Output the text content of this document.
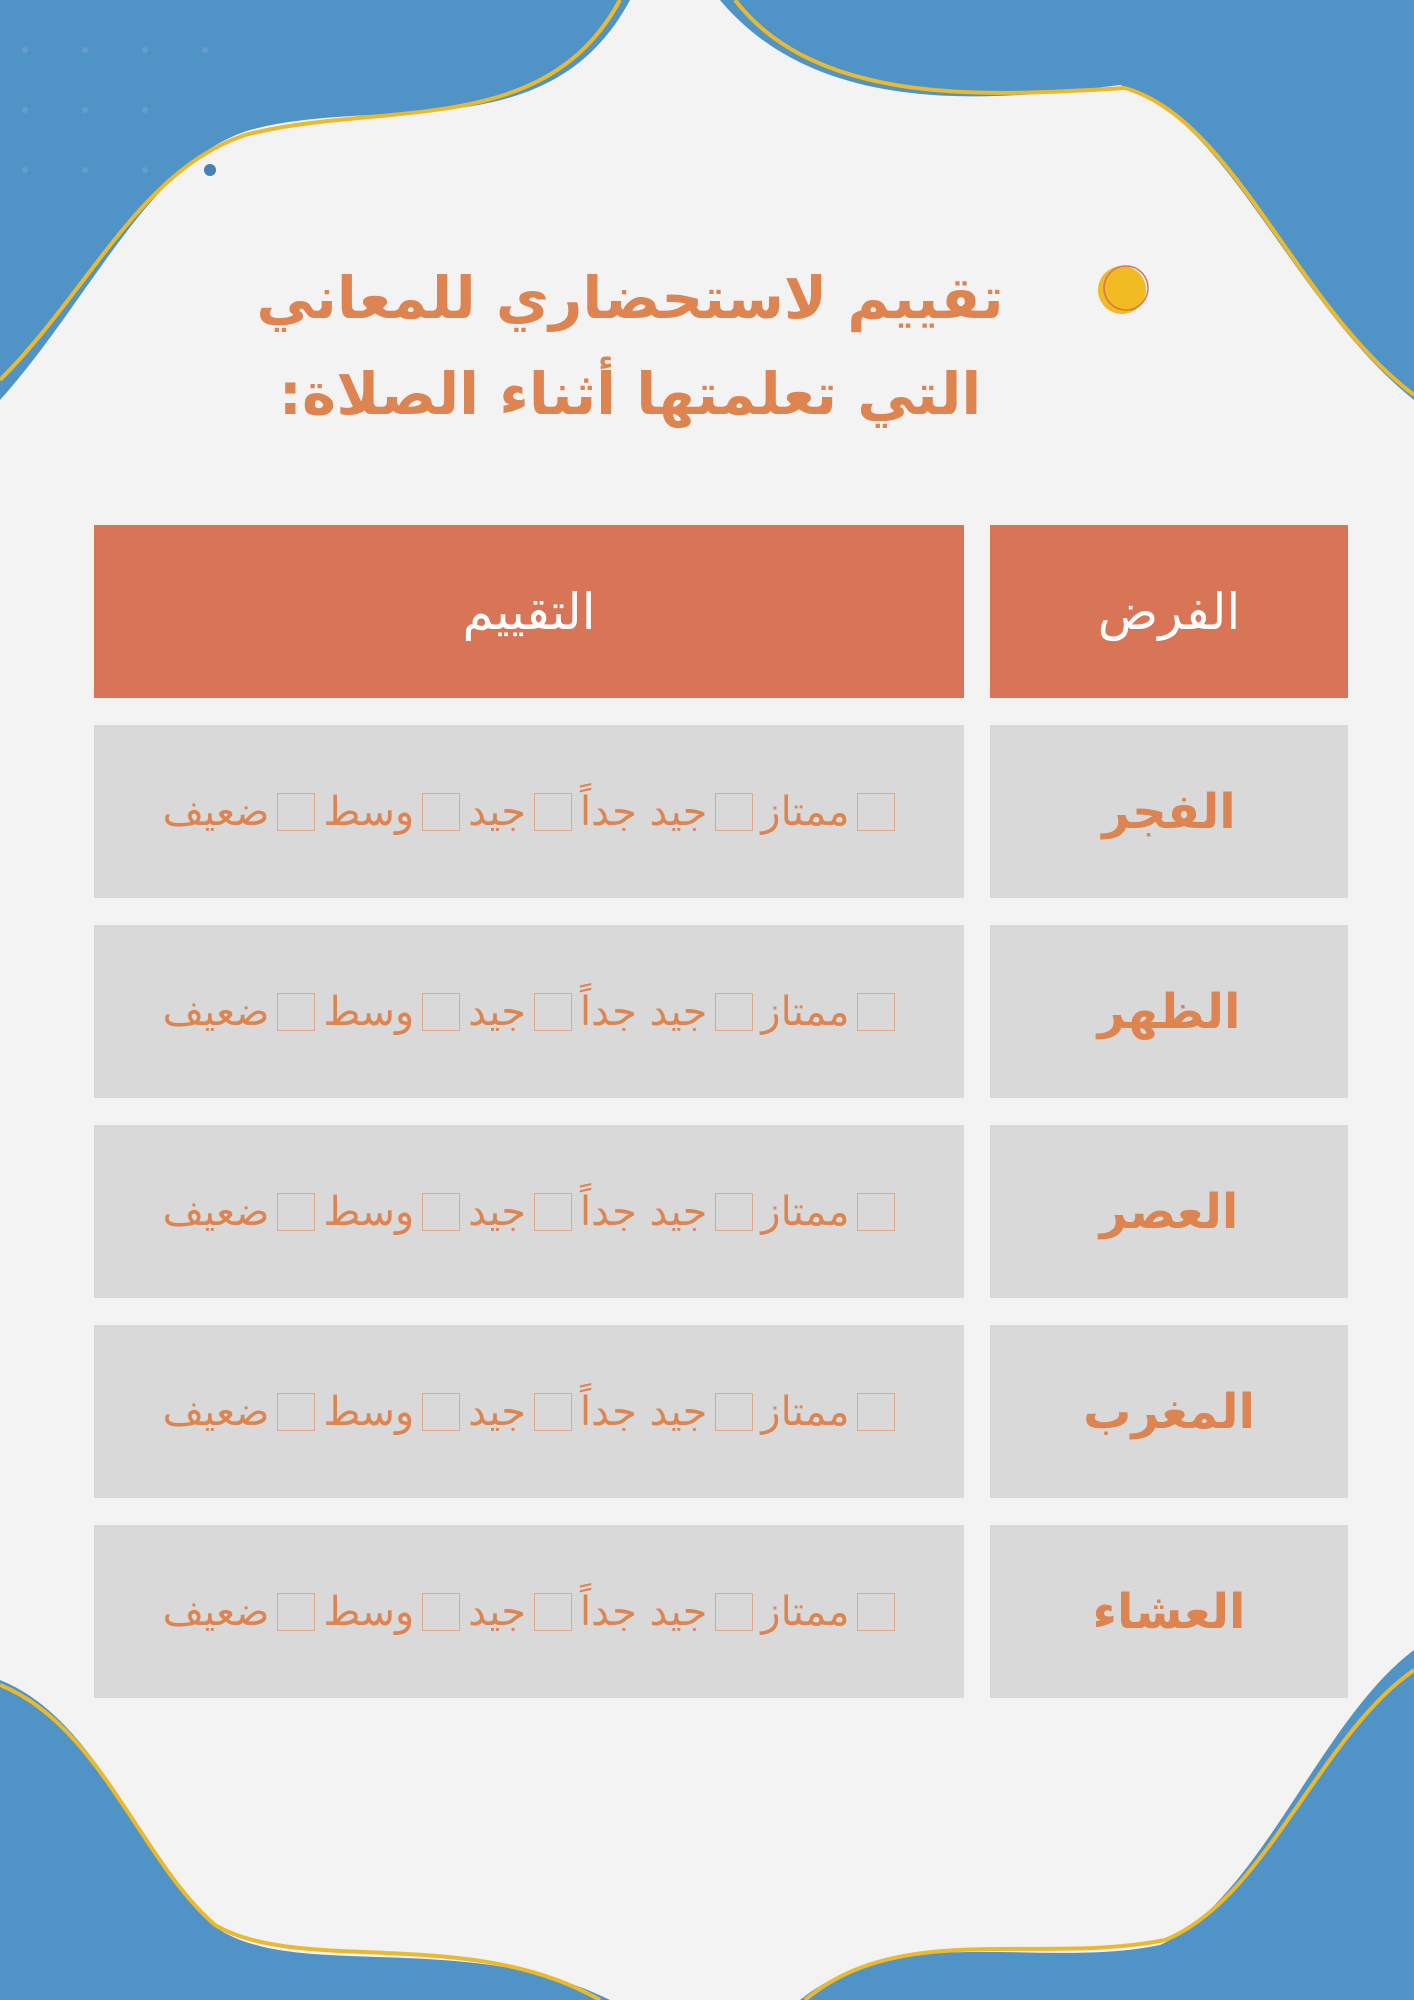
تقييم لاستحضاري للمعاني
التي تعلمتها أثناء الصلاة:
الفرض
التقييم
الفجر
ممتاز
جيد جداً
جيد
وسط
ضعيف
الظهر
ممتاز
جيد جداً
جيد
وسط
ضعيف
العصر
ممتاز
جيد جداً
جيد
وسط
ضعيف
المغرب
ممتاز
جيد جداً
جيد
وسط
ضعيف
العشاء
ممتاز
جيد جداً
جيد
وسط
ضعيف
